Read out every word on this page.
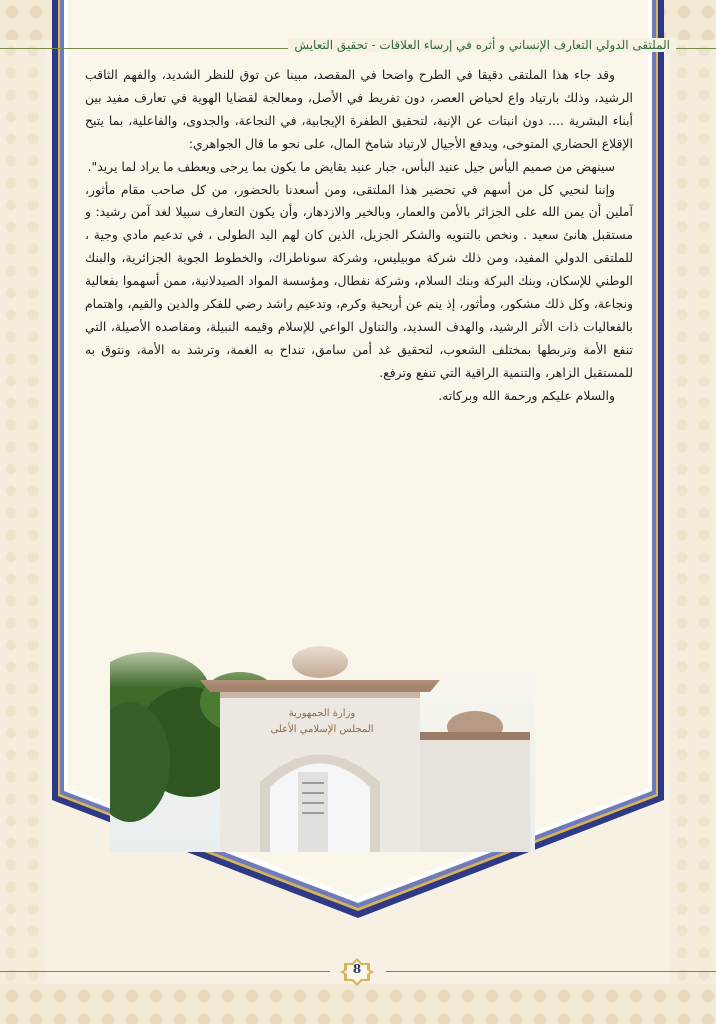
الملتقى الدولي التعارف الإنساني و أثره في إرساء العلاقات - تحقيق التعايش

وقد جاء هذا الملتقى دقيقا في الطرح واضحا في المقصد، مبينا عن توق للنظر الشديد، والفهم الثاقب الرشيد، وذلك بارتياد واع لحياض العصر، دون تفريط في الأصل، ومعالجة لقضايا الهوية في تعارف مفيد بين أبناء البشرية .... دون انبتات عن الإنية، لتحقيق الطفرة الإيجابية، في النجاعة، والجدوى، والفاعلية، بما يتيح الإقلاع الحضاري المتوخى، ويدفع الأجيال لارتياد شامخ المال، على نحو ما قال الجواهري:

سينهض من صميم اليأس جيل عنيد البأس، جبار عنيد يقايض ما يكون بما يرجى ويعطف ما يراد لما يريد".

وإننا لنحيي كل من أسهم في تحضير هذا الملتقى، ومن أسعدنا بالحضور، من كل صاحب مقام مأثور، آملين أن يمن الله على الجزائر بالأمن والعمار، وبالخير والازدهار، وأن يكون التعارف سبيلا لغد آمن رشيد: و مستقبل هانئ سعيد . ونخص بالتنويه والشكر الجزيل، الذين كان لهم اليد الطولى ، في تدعيم مادي وجية ، للملتقى الدولي المفيد، ومن ذلك شركة موبيليس، وشركة سوناطراك، والخطوط الجوية الجزائرية، والبنك الوطني للإسكان، وبنك البركة وبنك السلام، وشركة نفطال، ومؤسسة المواد الصيدلانية، ممن أسهموا بفعالية ونجاعة، وكل ذلك مشكور، ومأثور، إذ ينم عن أريحية وكرم، وتدعيم راشد رضي للفكر والدين والقيم، واهتمام بالفعاليات ذات الأثر الرشيد، والهدف السديد، والتناول الواعي للإسلام وقيمه النبيلة، ومقاصده الأصيلة، التي تنفع الأمة وتربطها بمختلف الشعوب، لتحقيق غد أمن سامق، تنداح به الغمة، وترشد به الأمة، ونتوق به للمستقبل الزاهر، والتنمية الراقية التي تنفع وترفع.

والسلام عليكم ورحمة الله وبركاته.

8
